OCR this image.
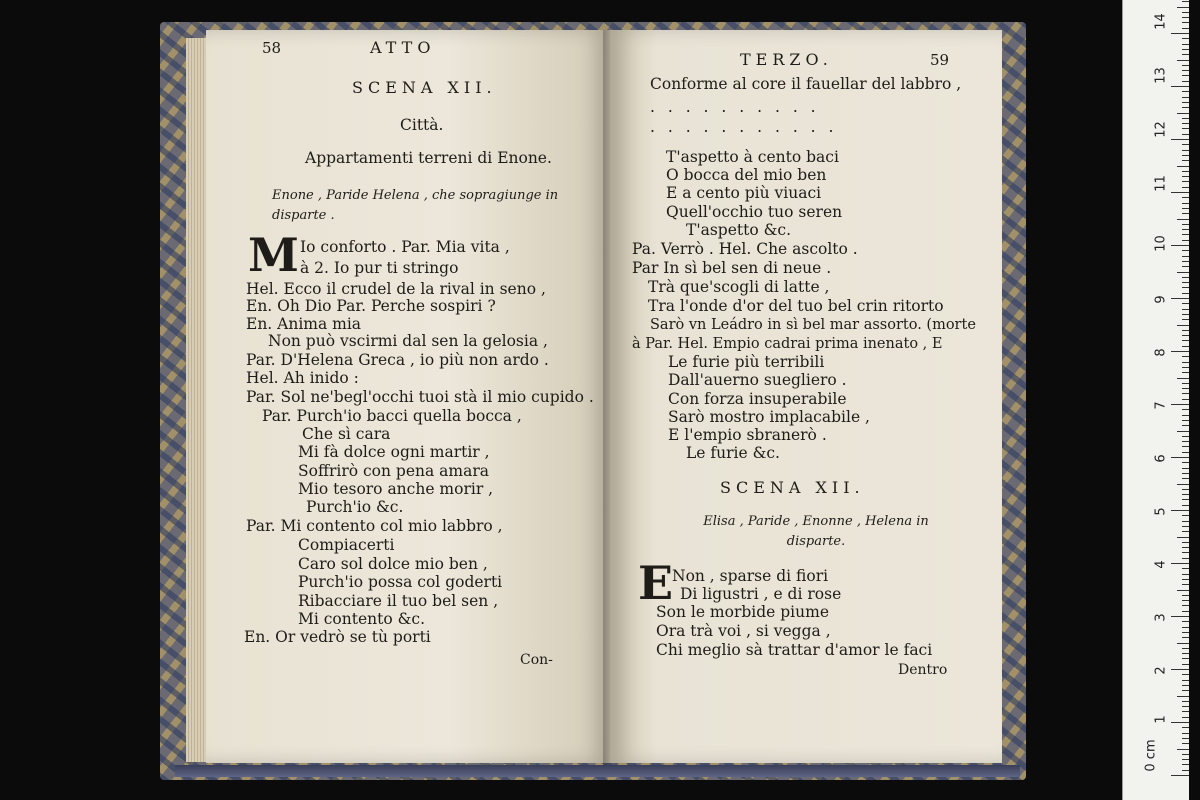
58	ATTO
SCENA XII.
Città.
Appartamenti terreni di Enone.
Enone , Paride Helena , che sopragiunge in disparte .
M Io conforto . Par. Mia vita ,
à 2. Io pur ti stringo
Hel. Ecco il crudel de la rival in seno ,
En. Oh Dio Par. Perche sospiri ?
En. Anima mia
Non può vscirmi dal sen la gelosia ,
Par. D'Helena Greca , io più non ardo .
Hel. Ah inido :
Par. Sol ne'begl'occhi tuoi stà il mio cupido .
Par. Purch'io bacci quella bocca ,
Che sì cara
Mi fà dolce ogni martir ,
Soffrirò con pena amara
Mio tesoro anche morir ,
Purch'io &c.
Par. Mi contento col mio labbro ,
Compiacerti
Caro sol dolce mio ben ,
Purch'io possa col goderti
Ribacciare il tuo bel sen ,
Mi contento &c.
En. Or vedrò se tù porti
Con-
TERZO.	59
Conforme al core il fauellar del labbro ,
. . . . . . . . . .
. . . . . . . . . . .
T'aspetto à cento baci
O bocca del mio ben
E a cento più viuaci
Quell'occhio tuo seren
T'aspetto &c.
Pa. Verrò . Hel. Che ascolto .
Par In sì bel sen di neue .
Trà que'scogli di latte ,
Tra l'onde d'or del tuo bel crin ritorto
Sarò vn Leádro in sì bel mar assorto. (morte
à Par. Hel. Empio cadrai prima inenato , E
Le furie più terribili
Dall'auerno suegliero .
Con forza insuperabile
Sarò mostro implacabile ,
E l'empio sbranerò .
Le furie &c.
SCENA XII.
Elisa , Paride , Enonne , Helena in disparte.
E
Non , sparse di fiori
Di ligustri , e di rose
Son le morbide piume
Ora trà voi , si vegga ,
Chi meglio sà trattar d'amor le faci
Dentro
0 cm
1
2
3
4
5
6
7
8
9
10
11
12
13
14
